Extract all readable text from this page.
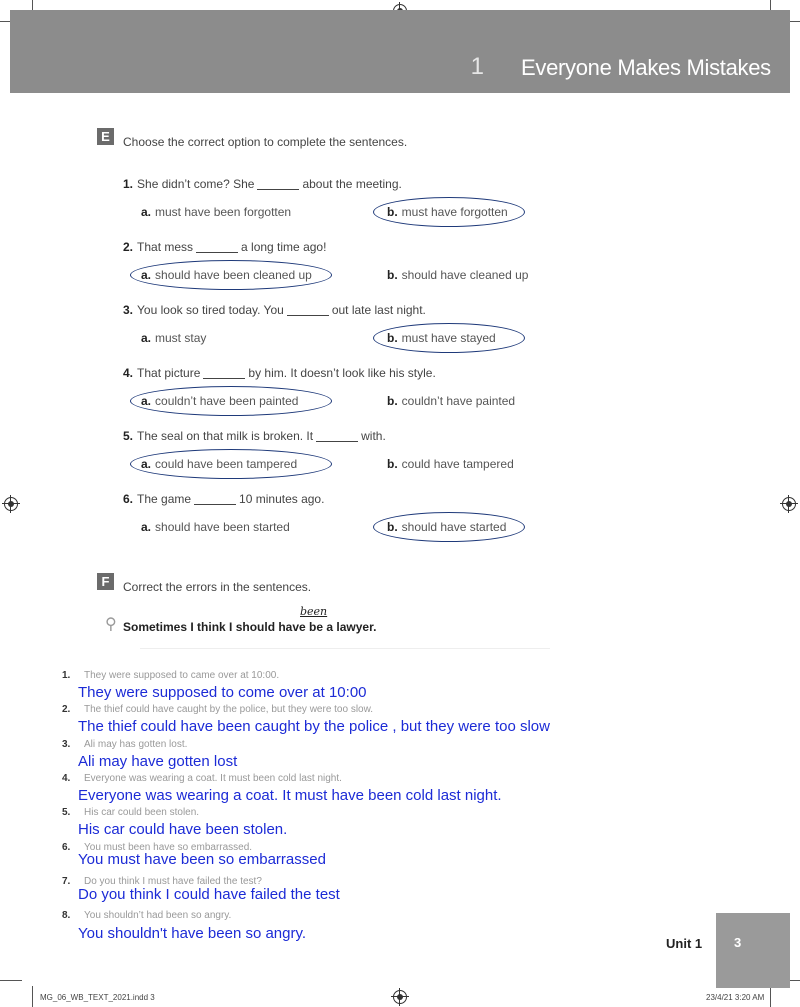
1 Everyone Makes Mistakes
E	Choose the correct option to complete the sentences.
1. She didn’t come? She	about the meeting.
a. must have been forgotten	b. must have forgotten
2. That mess	a long time ago!
a. should have been cleaned up	b. should have cleaned up
3. You look so tired today. You	out late last night.
a. must stay	b. must have stayed
4. That picture	by him. It doesn’t look like his style.
a. couldn’t have been painted	b. couldn’t have painted
5. The seal on that milk is broken. It	with.
a. could have been tampered	b. could have tampered
6. The game	10 minutes ago.
a. should have been started	b. should have started
F	Correct the errors in the sentences.
⚲
been
Sometimes I think I should have be a lawyer.
1. They were supposed to came over at 10:00.
They were supposed to come over at 10:00
2. The thief could have caught by the police, but they were too slow.
The thief could have been caught by the police , but they were too slow
3. Ali may has gotten lost.
Ali may have gotten lost
4. Everyone was wearing a coat. It must been cold last night.
Everyone was wearing a coat. It must have been cold last night.
5. His car could been stolen.
His car could have been stolen.
6. You must been have so embarrassed.
You must have been so embarrassed
7. Do you think I must have failed the test?
Do you think I could have failed the test
8. You shouldn’t had been so angry.
You shouldn't have been so angry.
Unit 1 3
MG_06_WB_TEXT_2021.indd 3	23/4/21 3:20 AM
